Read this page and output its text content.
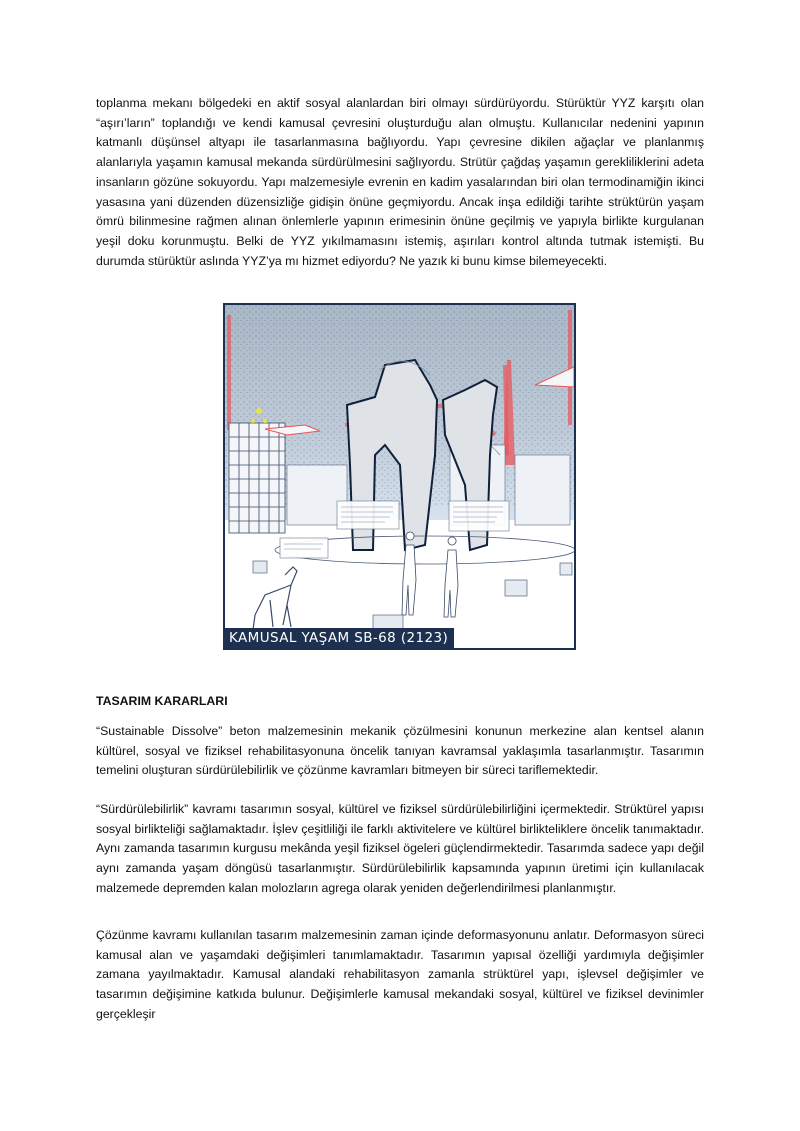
toplanma mekanı bölgedeki en aktif sosyal alanlardan biri olmayı sürdürüyordu. Stürüktür YYZ karşıtı olan “aşırı’ların” toplandığı ve kendi kamusal çevresini oluşturduğu alan olmuştu. Kullanıcılar nedenini yapının katmanlı düşünsel altyapı ile tasarlanmasına bağlıyordu. Yapı çevresine dikilen ağaçlar ve planlanmış alanlarıyla yaşamın kamusal mekanda sürdürülmesini sağlıyordu. Strütür çağdaş yaşamın gerekliliklerini adeta insanların gözüne sokuyordu. Yapı malzemesiyle evrenin en kadim yasalarından biri olan termodinamiğin ikinci yasasına yani düzenden düzensizliğe gidişin önüne geçmiyordu. Ancak inşa edildiği tarihte strüktürün yaşam ömrü bilinmesine rağmen alınan önlemlerle yapının erimesinin önüne geçilmiş ve yapıyla birlikte kurgulanan yeşil doku korunmuştu. Belki de YYZ yıkılmamasını istemiş, aşırıları kontrol altında tutmak istemişti. Bu durumda stürüktür aslında YYZ’ya mı hizmet ediyordu? Ne yazık ki bunu kimse bilemeyecekti.

KAMUSAL YAŞAM SB-68 (2123)
TASARIM KARARLARI

“Sustainable Dissolve” beton malzemesinin mekanik çözülmesini konunun merkezine alan kentsel alanın kültürel, sosyal ve fiziksel rehabilitasyonuna öncelik tanıyan kavramsal yaklaşımla tasarlanmıştır. Tasarımın temelini oluşturan sürdürülebilirlik ve çözünme kavramları bitmeyen bir süreci tariflemektedir.

“Sürdürülebilirlik” kavramı tasarımın sosyal, kültürel ve fiziksel sürdürülebilirliğini içermektedir. Strüktürel yapısı sosyal birlikteliği sağlamaktadır. İşlev çeşitliliği ile farklı aktivitelere ve kültürel birlikteliklere öncelik tanımaktadır. Aynı zamanda tasarımın kurgusu mekânda yeşil fiziksel ögeleri güçlendirmektedir. Tasarımda sadece yapı değil aynı zamanda yaşam döngüsü tasarlanmıştır. Sürdürülebilirlik kapsamında yapının üretimi için kullanılacak malzemede depremden kalan molozların agrega olarak yeniden değerlendirilmesi planlanmıştır.

Çözünme kavramı kullanılan tasarım malzemesinin zaman içinde deformasyonunu anlatır. Deformasyon süreci kamusal alan ve yaşamdaki değişimleri tanımlamaktadır. Tasarımın yapısal özelliği yardımıyla değişimler zamana yayılmaktadır. Kamusal alandaki rehabilitasyon zamanla strüktürel yapı, işlevsel değişimler ve tasarımın değişimine katkıda bulunur. Değişimlerle kamusal mekandaki sosyal, kültürel ve fiziksel devinimler gerçekleşir
